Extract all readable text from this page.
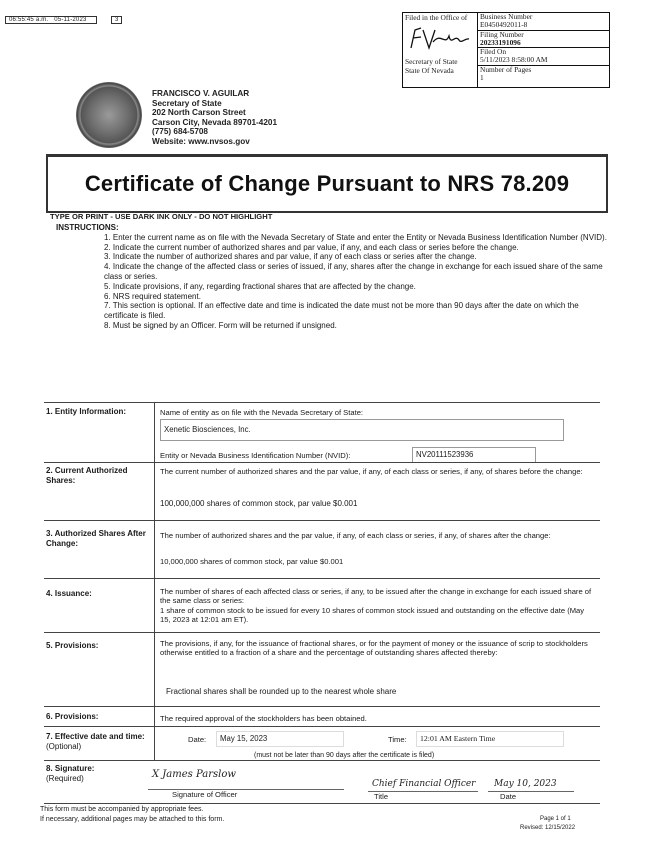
06:55:45 a.m. 05-11-2023	3	Filed in the Office of
Secretary of State
State Of Nevada
Business Number
E0450492011-8
Filing Number
20233191096
Filed On
5/11/2023 8:58:00 AM
Number of Pages
1
FRANCISCO V. AGUILAR
Secretary of State
202 North Carson Street
Carson City, Nevada 89701-4201
(775) 684-5708
Website: www.nvsos.gov
Certificate of Change Pursuant to NRS 78.209
TYPE OR PRINT - USE DARK INK ONLY - DO NOT HIGHLIGHT
INSTRUCTIONS:
1. Enter the current name as on file with the Nevada Secretary of State and enter the Entity or Nevada Business Identification Number (NVID).
2. Indicate the current number of authorized shares and par value, if any, and each class or series before the change.
3. Indicate the number of authorized shares and par value, if any of each class or series after the change.
4. Indicate the change of the affected class or series of issued, if any, shares after the change in exchange for each issued share of the same class or series.
5. Indicate provisions, if any, regarding fractional shares that are affected by the change.
6. NRS required statement.
7. This section is optional. If an effective date and time is indicated the date must not be more than 90 days after the date on which the certificate is filed.
8. Must be signed by an Officer. Form will be returned if unsigned.
1. Entity Information:	Name of entity as on file with the Nevada Secretary of State:
Xenetic Biosciences, Inc.
Entity or Nevada Business Identification Number (NVID):	NV20111523936
2. Current Authorized Shares:
The current number of authorized shares and the par value, if any, of each class or series, if any, of shares before the change:
100,000,000 shares of common stock, par value $0.001
3. Authorized Shares After Change:
The number of authorized shares and the par value, if any, of each class or series, if any, of shares after the change:
10,000,000 shares of common stock, par value $0.001
4. Issuance:	The number of shares of each affected class or series, if any, to be issued after the change in exchange for each issued share of the same class or series:
1 share of common stock to be issued for every 10 shares of common stock issued and outstanding on the effective date (May 15, 2023 at 12:01 am ET).
5. Provisions:	The provisions, if any, for the issuance of fractional shares, or for the payment of money or the issuance of scrip to stockholders otherwise entitled to a fraction of a share and the percentage of outstanding shares affected thereby:
Fractional shares shall be rounded up to the nearest whole share
6. Provisions:	The required approval of the stockholders has been obtained.
7. Effective date and time: (Optional)
Date:	May 15, 2023	Time:	12:01 AM Eastern Time
(must not be later than 90 days after the certificate is filed)
8. Signature:
(Required)	X James Parslow
Signature of Officer
Chief Financial Officer
Title
May 10, 2023
Date
This form must be accompanied by appropriate fees.
If necessary, additional pages may be attached to this form.	Page 1 of 1
Revised: 12/15/2022
